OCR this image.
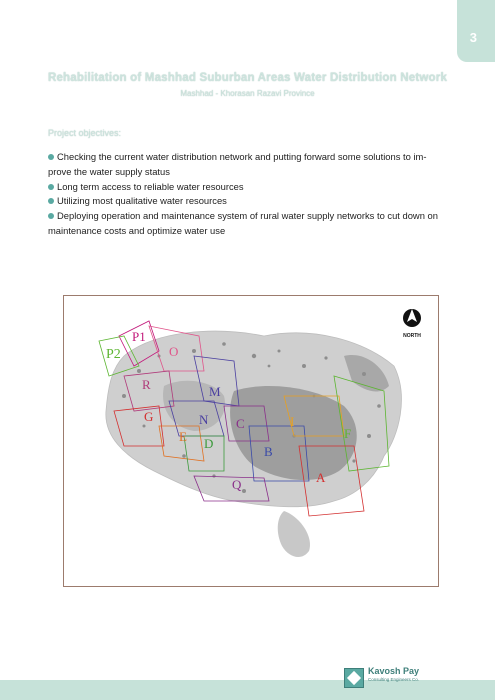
3
Rehabilitation of Mashhad Suburban Areas Water Distribution Network
Mashhad - Khorasan Razavi Province
Project objectives:
Checking the current water distribution network and putting forward some solutions to im-
prove the water supply status
Long term access to reliable water resources
Utilizing most qualitative water resources
Deploying operation and maintenance system of rural water supply networks to cut down on
maintenance costs and optimize water use
NORTH
P1
P2	O
M
R
N
G
E
C
D
B
I
F
Q	A
Kavosh Pay
Consulting Engineers Co.
